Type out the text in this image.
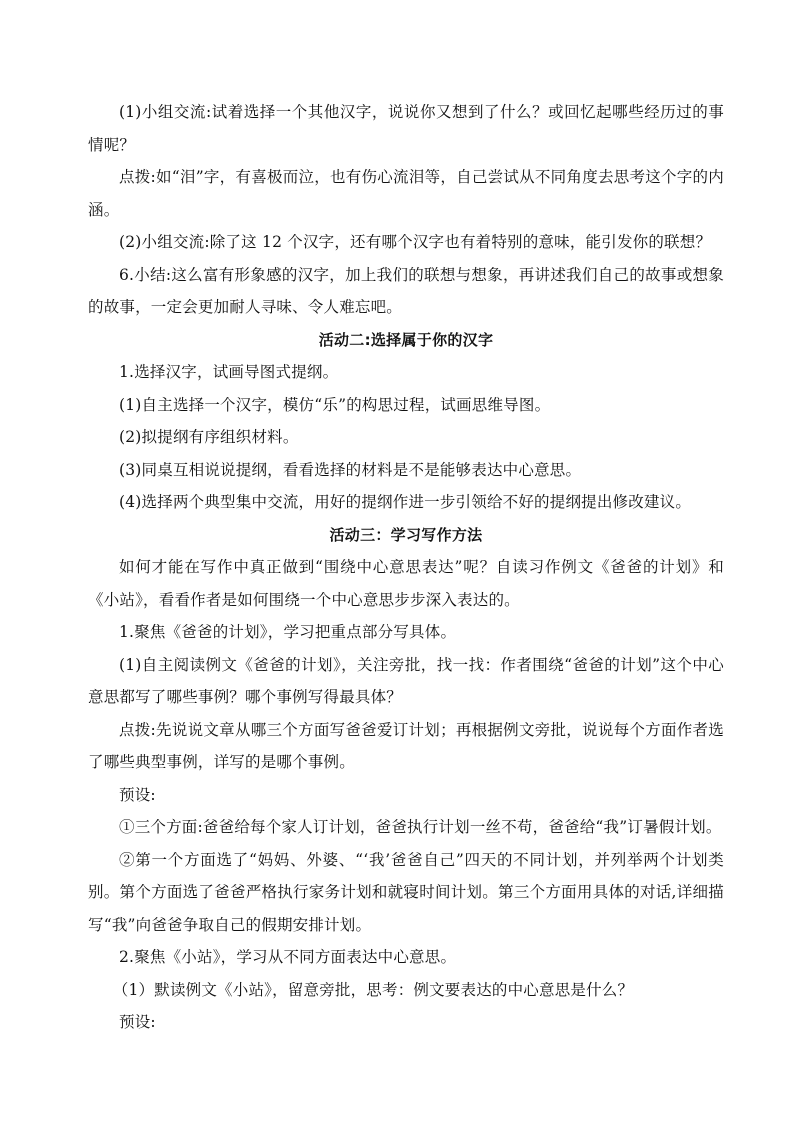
(1)小组交流:试着选择一个其他汉字，说说你又想到了什么？或回忆起哪些经历过的事情呢？

点拨:如“泪”字，有喜极而泣，也有伤心流泪等，自己尝试从不同角度去思考这个字的内涵。

(2)小组交流:除了这 12 个汉字，还有哪个汉字也有着特别的意味，能引发你的联想？

6.小结:这么富有形象感的汉字，加上我们的联想与想象，再讲述我们自己的故事或想象的故事，一定会更加耐人寻味、令人难忘吧。

活动二:选择属于你的汉字

1.选择汉字，试画导图式提纲。

(1)自主选择一个汉字，模仿“乐”的构思过程，试画思维导图。

(2)拟提纲有序组织材料。

(3)同桌互相说说提纲，看看选择的材料是不是能够表达中心意思。

(4)选择两个典型集中交流，用好的提纲作进一步引领给不好的提纲提出修改建议。

活动三：学习写作方法

如何才能在写作中真正做到“围绕中心意思表达”呢？自读习作例文《爸爸的计划》和《小站》，看看作者是如何围绕一个中心意思步步深入表达的。

1.聚焦《爸爸的计划》，学习把重点部分写具体。

(1)自主阅读例文《爸爸的计划》，关注旁批，找一找：作者围绕“爸爸的计划”这个中心意思都写了哪些事例？哪个事例写得最具体？

点拨:先说说文章从哪三个方面写爸爸爱订计划；再根据例文旁批，说说每个方面作者选了哪些典型事例，详写的是哪个事例。

预设:

①三个方面:爸爸给每个家人订计划，爸爸执行计划一丝不苟，爸爸给“我”订暑假计划。

②第一个方面选了“妈妈、外婆、“‘我’爸爸自己”四天的不同计划，并列举两个计划类别。第个方面选了爸爸严格执行家务计划和就寝时间计划。第三个方面用具体的对话,详细描写“我”向爸爸争取自己的假期安排计划。

2.聚焦《小站》，学习从不同方面表达中心意思。

（1）默读例文《小站》，留意旁批，思考：例文要表达的中心意思是什么？

预设:
